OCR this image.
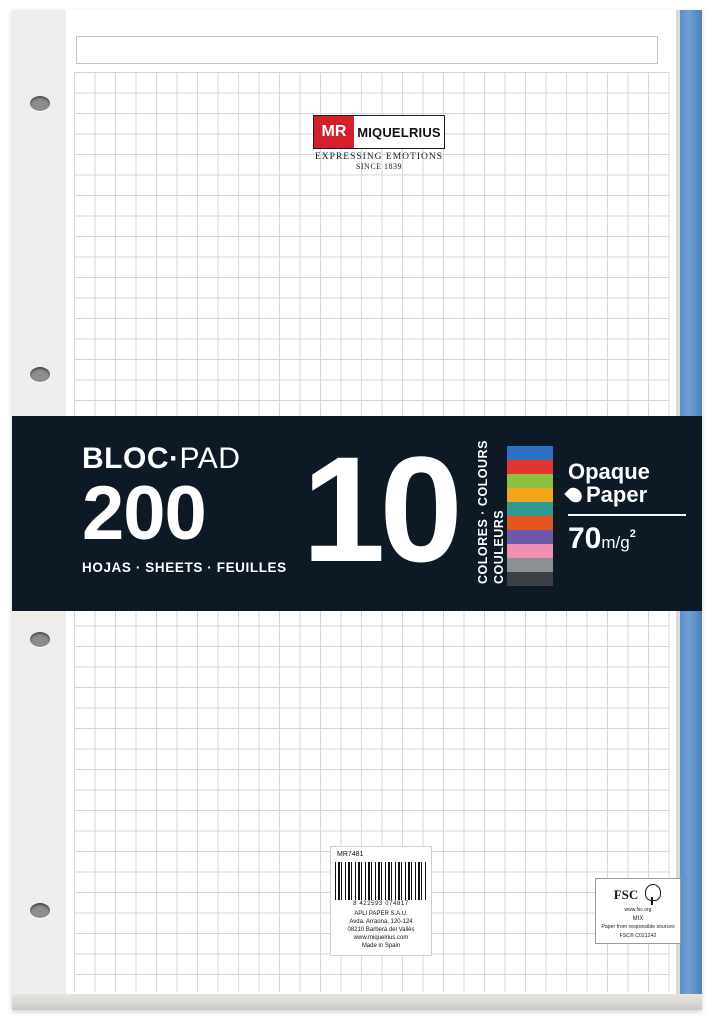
MR MIQUELRIUS
EXPRESSING EMOTIONS
SINCE 1839
BLOC·PAD
200
HOJAS · SHEETS · FEUILLES 10 COLORES · COLOURS COULEURS
Opaque
Paper
$70m/g^2$
MR7481
8 422593 074817
APLI PAPER S.A.U.
Avda. Arraona, 120-124
08210 Barberà del Vallès
www.miquelrius.com
Made in Spain
FSC
www.fsc.org
MIX
Paper from responsible sources
FSC® C021242
